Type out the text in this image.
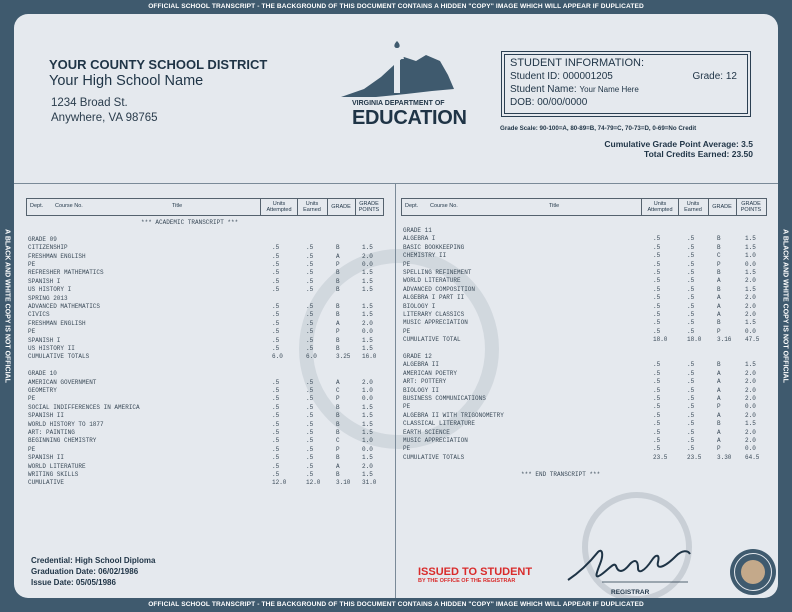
OFFICIAL SCHOOL TRANSCRIPT - THE BACKGROUND OF THIS DOCUMENT CONTAINS A HIDDEN "COPY" IMAGE WHICH WILL APPEAR IF DUPLICATED
OFFICIAL SCHOOL TRANSCRIPT - THE BACKGROUND OF THIS DOCUMENT CONTAINS A HIDDEN "COPY" IMAGE WHICH WILL APPEAR IF DUPLICATED
A BLACK AND WHITE COPY IS NOT OFFICIAL	A BLACK AND WHITE COPY IS NOT OFFICIAL
YOUR COUNTY SCHOOL DISTRICT
Your High School Name
1234 Broad St.
Anywhere, VA 98765
VIRGINIA DEPARTMENT OF
EDUCATION
STUDENT INFORMATION:
Student ID: 000001205	Grade: 12
Student Name: Your Name Here
DOB: 00/00/0000
Grade Scale: 90-100=A, 80-89=B, 74-79=C, 70-73=D, 0-69=No Credit
Cumulative Grade Point Average: 3.5
Total Credits Earned: 23.50
Dept. Course No.	Title	Units
Attempted
Units
Earned	GRADE	GRADE
POINTS
Dept. Course No.	Title	Units
Attempted
Units
Earned	GRADE	GRADE
POINTS
*** ACADEMIC TRANSCRIPT ***
GRADE 09
CITIZENSHIP	.5	.5	B	1.5
FRESHMAN ENGLISH	.5	.5	A	2.0
PE	.5	.5	P	0.0
REFRESHER MATHEMATICS	.5	.5	B	1.5
SPANISH I	.5	.5	B	1.5
US HISTORY I	.5	.5	B	1.5
SPRING 2013
ADVANCED MATHEMATICS	.5	.5	B	1.5
CIVICS	.5	.5	B	1.5
FRESHMAN ENGLISH	.5	.5	A	2.0
PE	.5	.5	P	0.0
SPANISH I	.5	.5	B	1.5
US HISTORY II	.5	.5	B	1.5
CUMULATIVE TOTALS	6.0	6.0	3.25 16.0
GRADE 10
AMERICAN GOVERNMENT	.5	.5	A	2.0
GEOMETRY	.5	.5	C	1.0
PE	.5	.5	P	0.0
SOCIAL INDIFFERENCES IN AMERICA	.5	.5	B	1.5
SPANISH II	.5	.5	B	1.5
WORLD HISTORY TO 1877	.5	.5	B	1.5
ART: PAINTING	.5	.5	B	1.5
BEGINNING CHEMISTRY	.5	.5	C	1.0
PE	.5	.5	P	0.0
SPANISH II	.5	.5	B	1.5
WORLD LITERATURE	.5	.5	A	2.0
WRITING SKILLS	.5	.5	B	1.5
CUMULATIVE	12.0	12.0	3.10 31.0
GRADE 11
ALGEBRA I	.5	.5	B	1.5
BASIC BOOKKEEPING	.5	.5	B	1.5
CHEMISTRY II	.5	.5	C	1.0
PE	.5	.5	P	0.0
SPELLING REFINEMENT	.5	.5	B	1.5
WORLD LITERATURE	.5	.5	A	2.0
ADVANCED COMPOSITION	.5	.5	B	1.5
ALGEBRA I PART II	.5	.5	A	2.0
BIOLOGY I	.5	.5	A	2.0
LITERARY CLASSICS	.5	.5	A	2.0
MUSIC APPRECIATION	.5	.5	B	1.5
PE	.5	.5	P	0.0
CUMULATIVE TOTAL	18.0	18.0	3.16 47.5
GRADE 12
ALGEBRA II	.5	.5	B	1.5
AMERICAN POETRY	.5	.5	A	2.0
ART: POTTERY	.5	.5	A	2.0
BIOLOGY II	.5	.5	A	2.0
BUSINESS COMMUNICATIONS	.5	.5	A	2.0
PE	.5	.5	P	0.0
ALGEBRA II WITH TRIGONOMETRY	.5	.5	A	2.0
CLASSICAL LITERATURE	.5	.5	B	1.5
EARTH SCIENCE	.5	.5	A	2.0
MUSIC APPRECIATION	.5	.5	A	2.0
PE	.5	.5	P	0.0
CUMULATIVE TOTALS	23.5	23.5	3.30 64.5
*** END TRANSCRIPT ***
Credential: High School Diploma
Graduation Date: 06/02/1986
Issue Date: 05/05/1986
ISSUED TO STUDENT
BY THE OFFICE OF THE REGISTRAR
REGISTRAR
